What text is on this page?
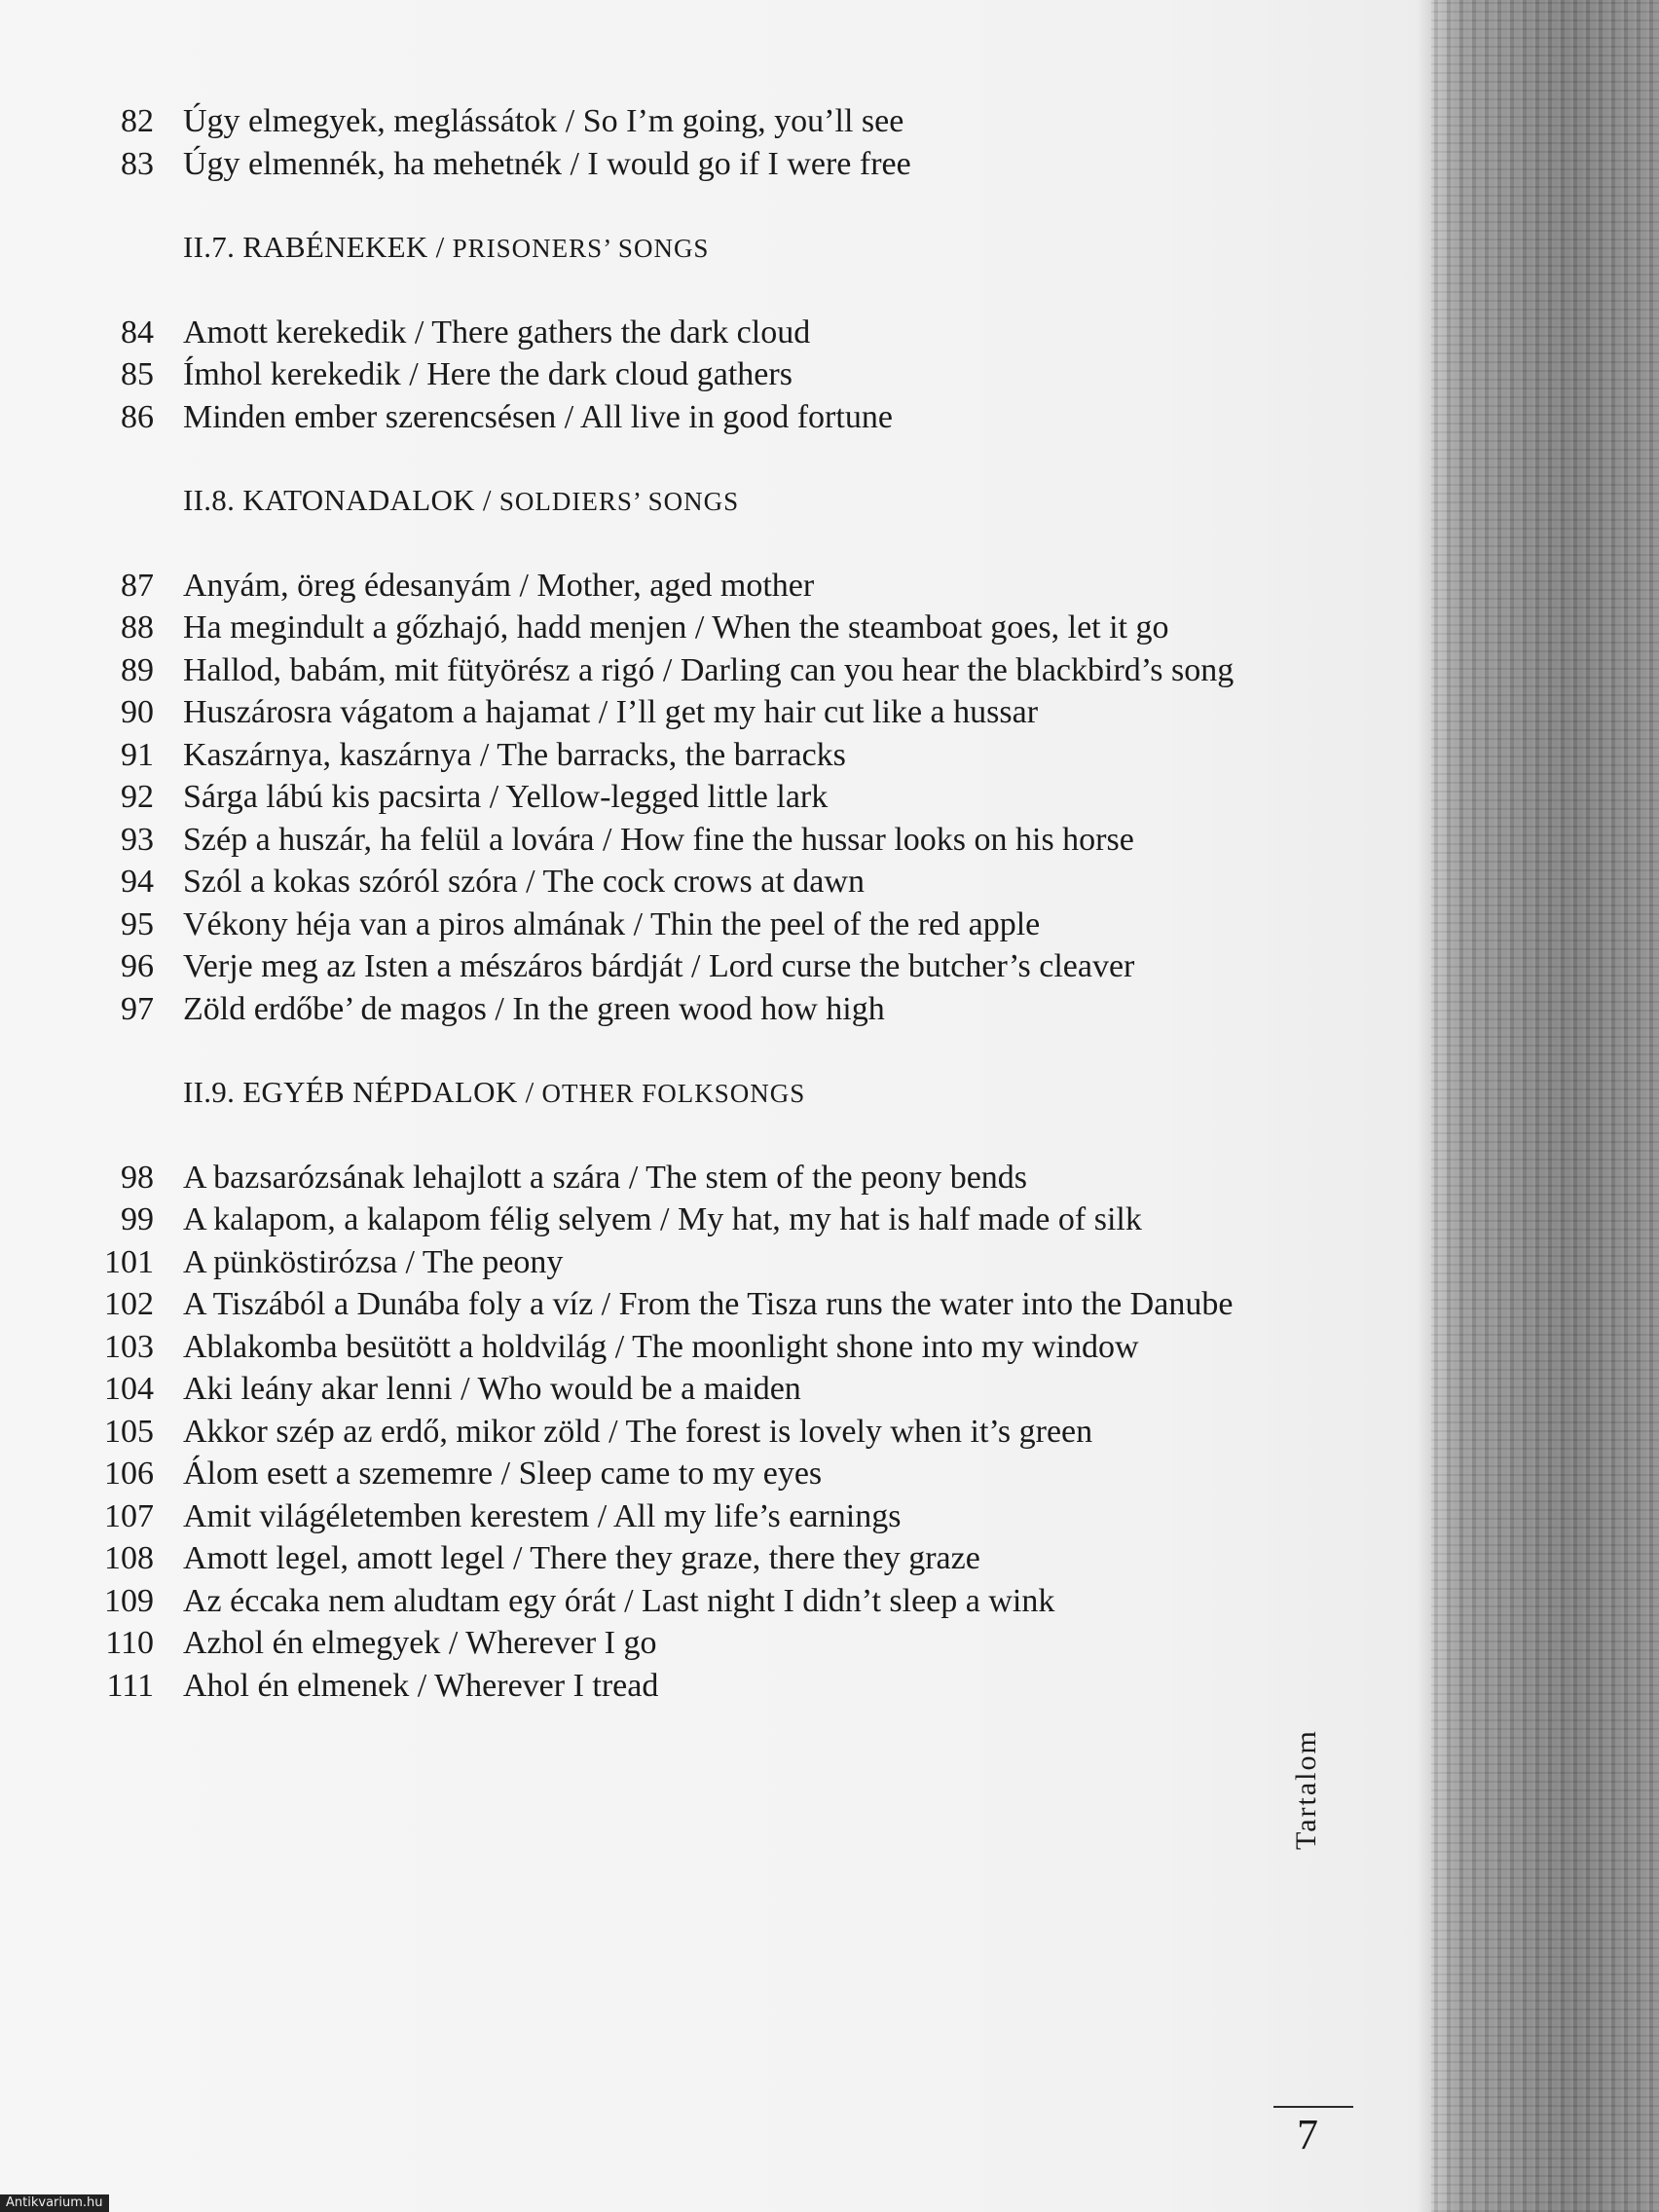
82 Úgy elmegyek, meglássátok / So I’m going, you’ll see
83 Úgy elmennék, ha mehetnék / I would go if I were free
II.7. RABÉNEKEK / PRISONERS’ SONGS
84 Amott kerekedik / There gathers the dark cloud
85 Ímhol kerekedik / Here the dark cloud gathers
86 Minden ember szerencsésen / All live in good fortune
II.8. KATONADALOK / SOLDIERS’ SONGS
87 Anyám, öreg édesanyám / Mother, aged mother
88 Ha megindult a gőzhajó, hadd menjen / When the steamboat goes, let it go
89 Hallod, babám, mit fütyörész a rigó / Darling can you hear the blackbird’s song
90 Huszárosra vágatom a hajamat / I’ll get my hair cut like a hussar
91 Kaszárnya, kaszárnya / The barracks, the barracks
92 Sárga lábú kis pacsirta / Yellow-legged little lark
93 Szép a huszár, ha felül a lovára / How fine the hussar looks on his horse
94 Szól a kokas szóról szóra / The cock crows at dawn
95 Vékony héja van a piros almának / Thin the peel of the red apple
96 Verje meg az Isten a mészáros bárdját / Lord curse the butcher’s cleaver
97 Zöld erdőbe’ de magos / In the green wood how high
II.9. EGYÉB NÉPDALOK / OTHER FOLKSONGS
98 A bazsarózsának lehajlott a szára / The stem of the peony bends
99 A kalapom, a kalapom félig selyem / My hat, my hat is half made of silk
101 A pünköstirózsa / The peony
102 A Tiszából a Dunába foly a víz / From the Tisza runs the water into the Danube
103 Ablakomba besütött a holdvilág / The moonlight shone into my window
104 Aki leány akar lenni / Who would be a maiden
105 Akkor szép az erdő, mikor zöld / The forest is lovely when it’s green
106 Álom esett a szememre / Sleep came to my eyes
107 Amit világéletemben kerestem / All my life’s earnings
108 Amott legel, amott legel / There they graze, there they graze
109 Az éccaka nem aludtam egy órát / Last night I didn’t sleep a wink
110 Azhol én elmegyek / Wherever I go
111 Ahol én elmenek / Wherever I tread
Tartalom
7
Antikvarium.hu
